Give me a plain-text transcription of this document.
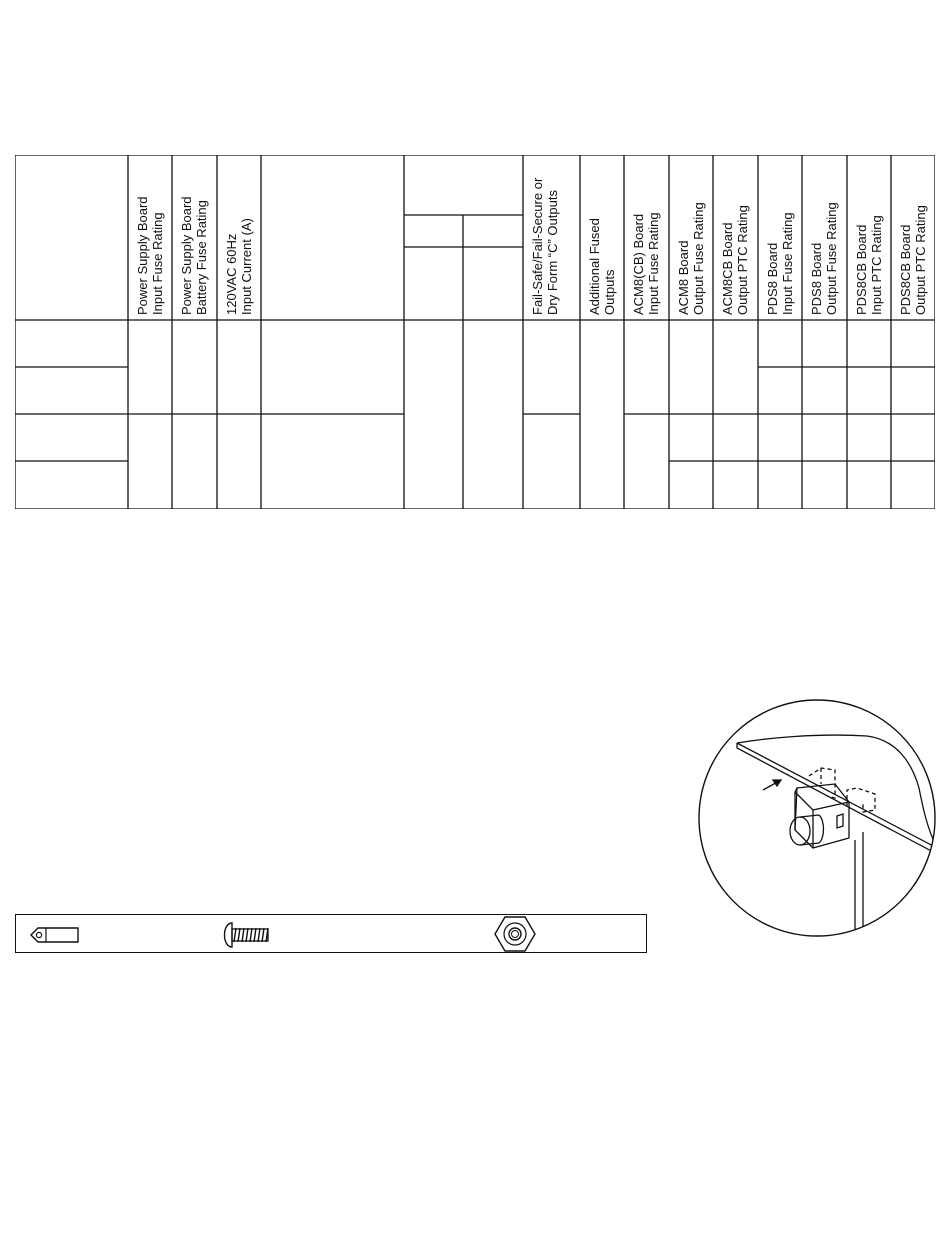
Power Supply BoardInput Fuse Rating Power Supply BoardBattery Fuse Rating 120VAC 60HzInput Current (A)	Fail-Safe/Fail-Secure orDry Form “C” Outputs Additional FusedOutputs ACM8(CB) BoardInput Fuse Rating ACM8 BoardOutput Fuse Rating ACM8CB BoardOutput PTC Rating PDS8 BoardInput Fuse Rating PDS8 BoardOutput Fuse Rating PDS8CB BoardInput PTC Rating PDS8CB BoardOutput PTC Rating
